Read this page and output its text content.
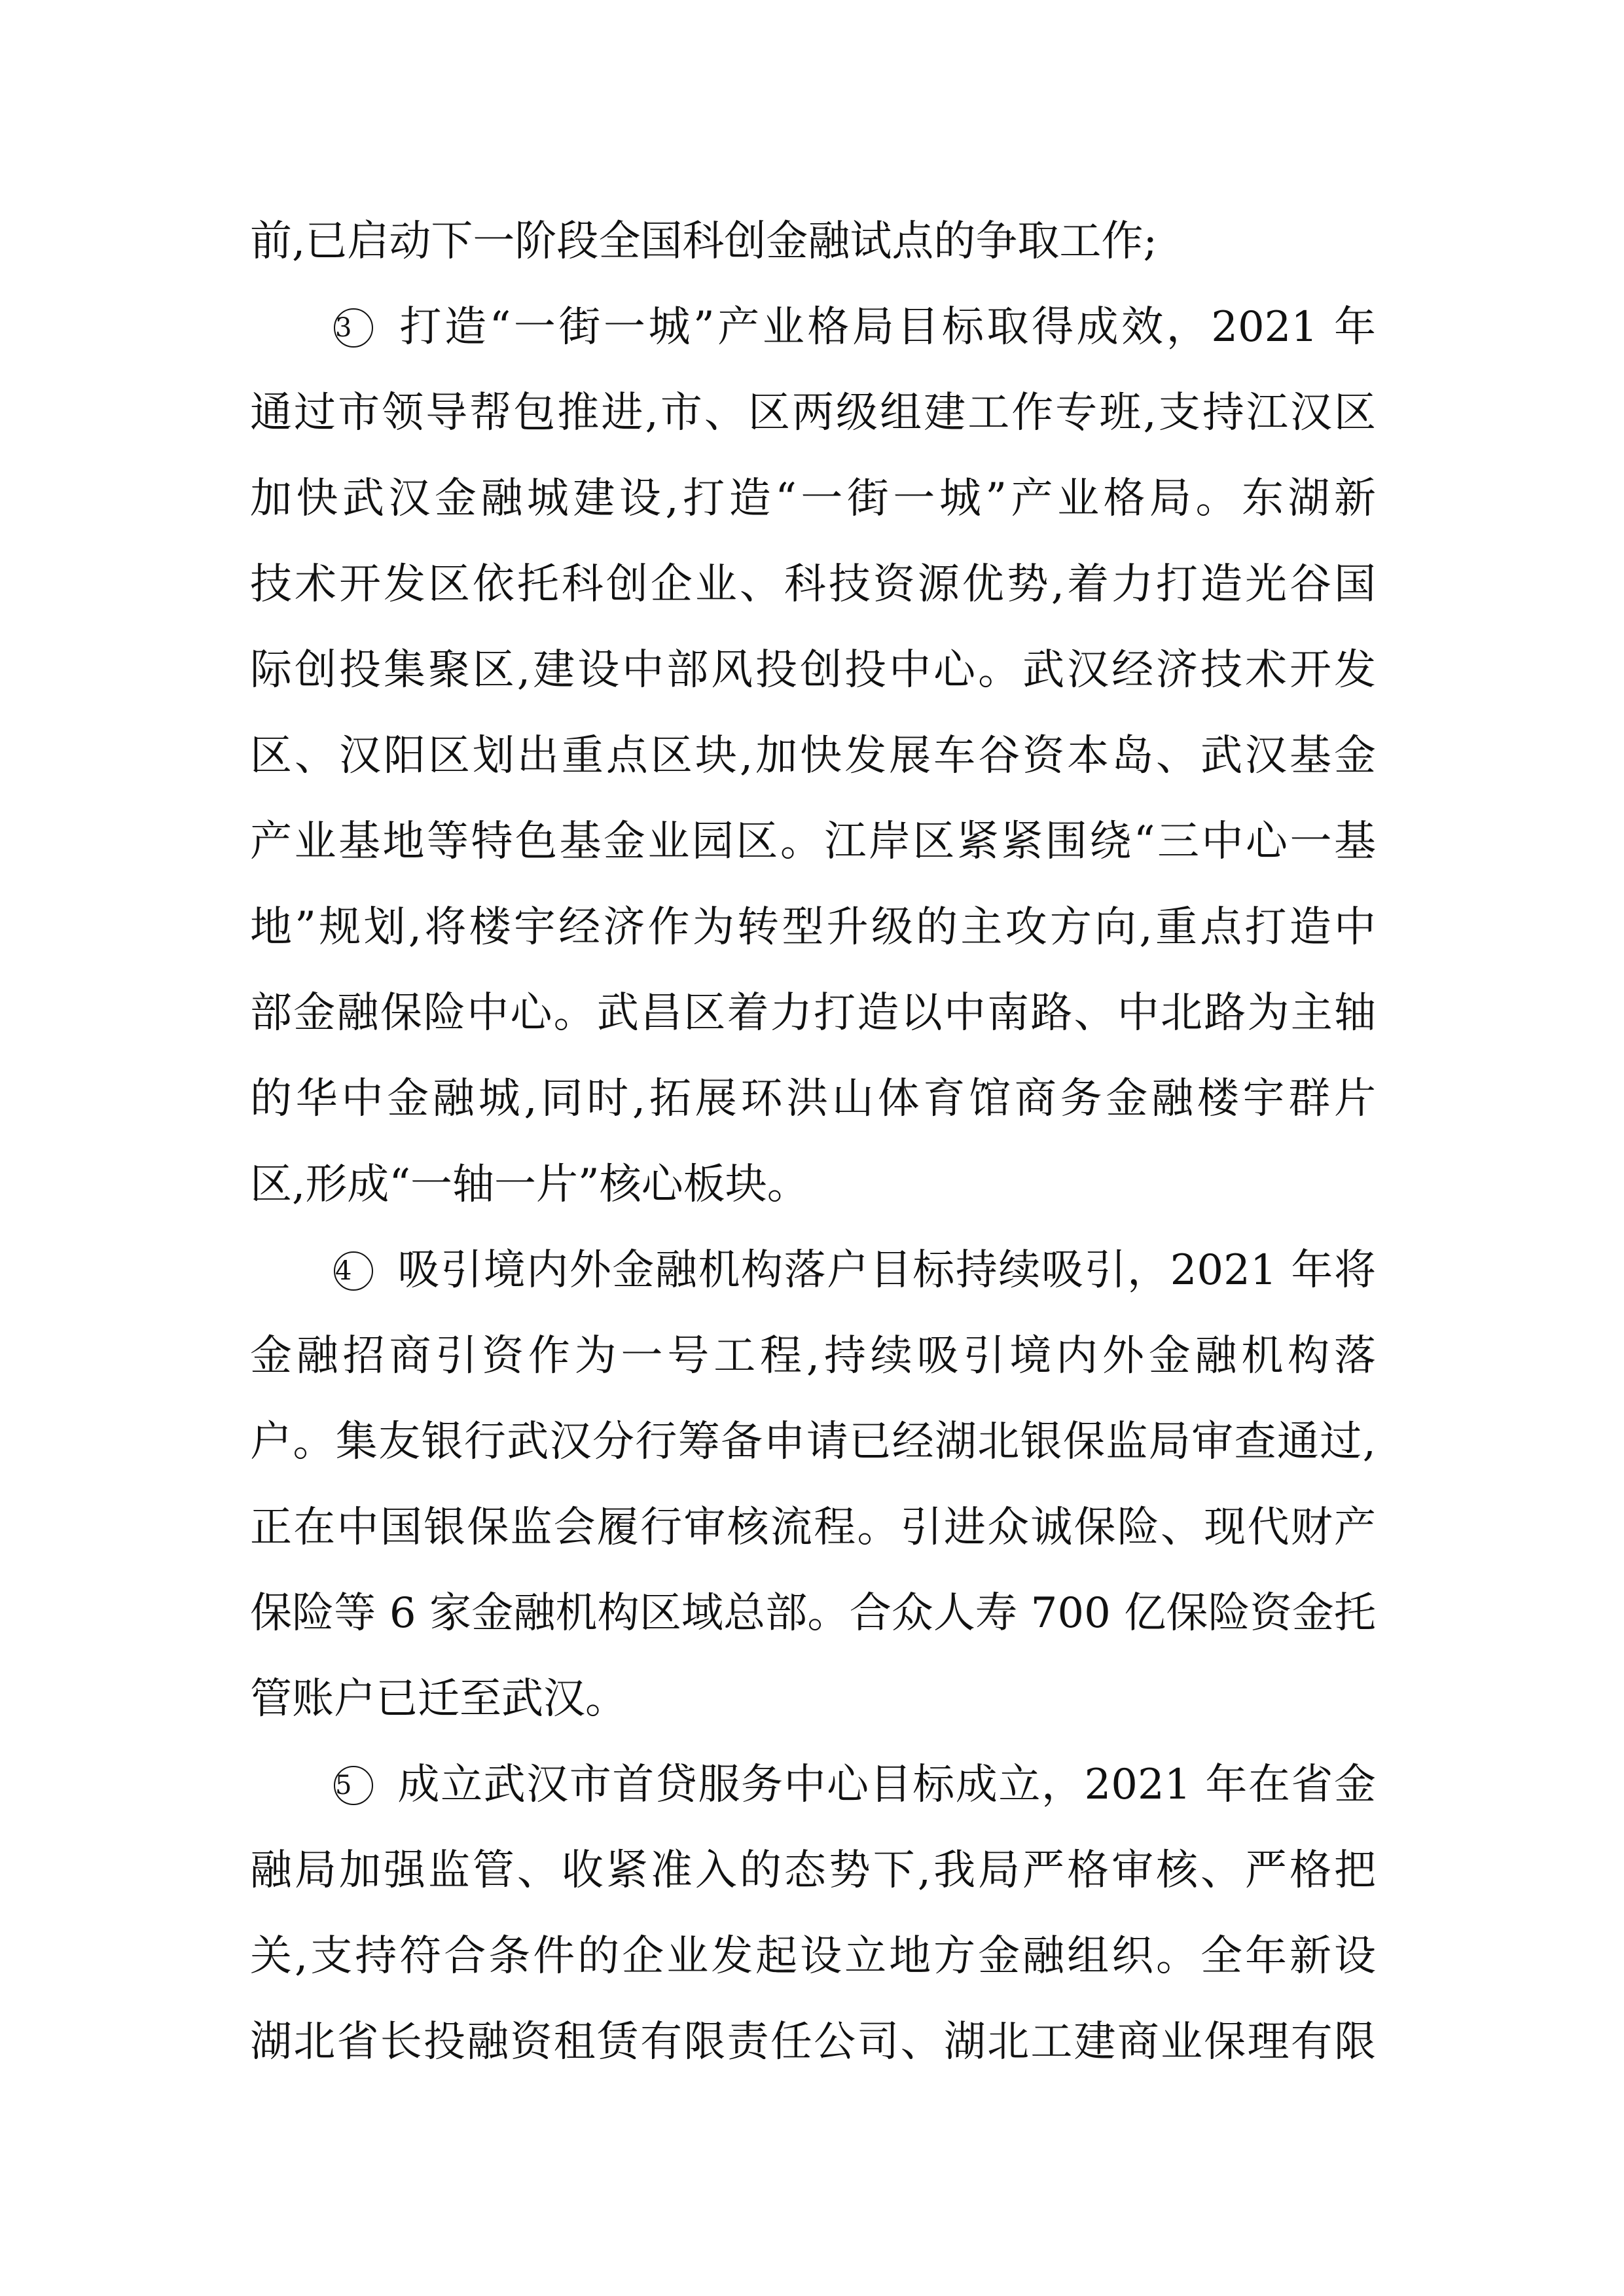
前,已启动下一阶段全国科创金融试点的争取工作;
3 打造“一街一城”产业格局目标取得成效，2021 年
通过市领导帮包推进,市、区两级组建工作专班,支持江汉区
加快武汉金融城建设,打造“一街一城”产业格局。东湖新
技术开发区依托科创企业、科技资源优势,着力打造光谷国
际创投集聚区,建设中部风投创投中心。武汉经济技术开发
区、汉阳区划出重点区块,加快发展车谷资本岛、武汉基金
产业基地等特色基金业园区。江岸区紧紧围绕“三中心一基
地”规划,将楼宇经济作为转型升级的主攻方向,重点打造中
部金融保险中心。武昌区着力打造以中南路、中北路为主轴
的华中金融城,同时,拓展环洪山体育馆商务金融楼宇群片
区,形成“一轴一片”核心板块。
4 吸引境内外金融机构落户目标持续吸引，2021 年将
金融招商引资作为一号工程,持续吸引境内外金融机构落
户。集友银行武汉分行筹备申请已经湖北银保监局审查通过,
正在中国银保监会履行审核流程。引进众诚保险、现代财产
保险等 6 家金融机构区域总部。合众人寿 700 亿保险资金托
管账户已迁至武汉。
5 成立武汉市首贷服务中心目标成立，2021 年在省金
融局加强监管、收紧准入的态势下,我局严格审核、严格把
关,支持符合条件的企业发起设立地方金融组织。全年新设
湖北省长投融资租赁有限责任公司、湖北工建商业保理有限
